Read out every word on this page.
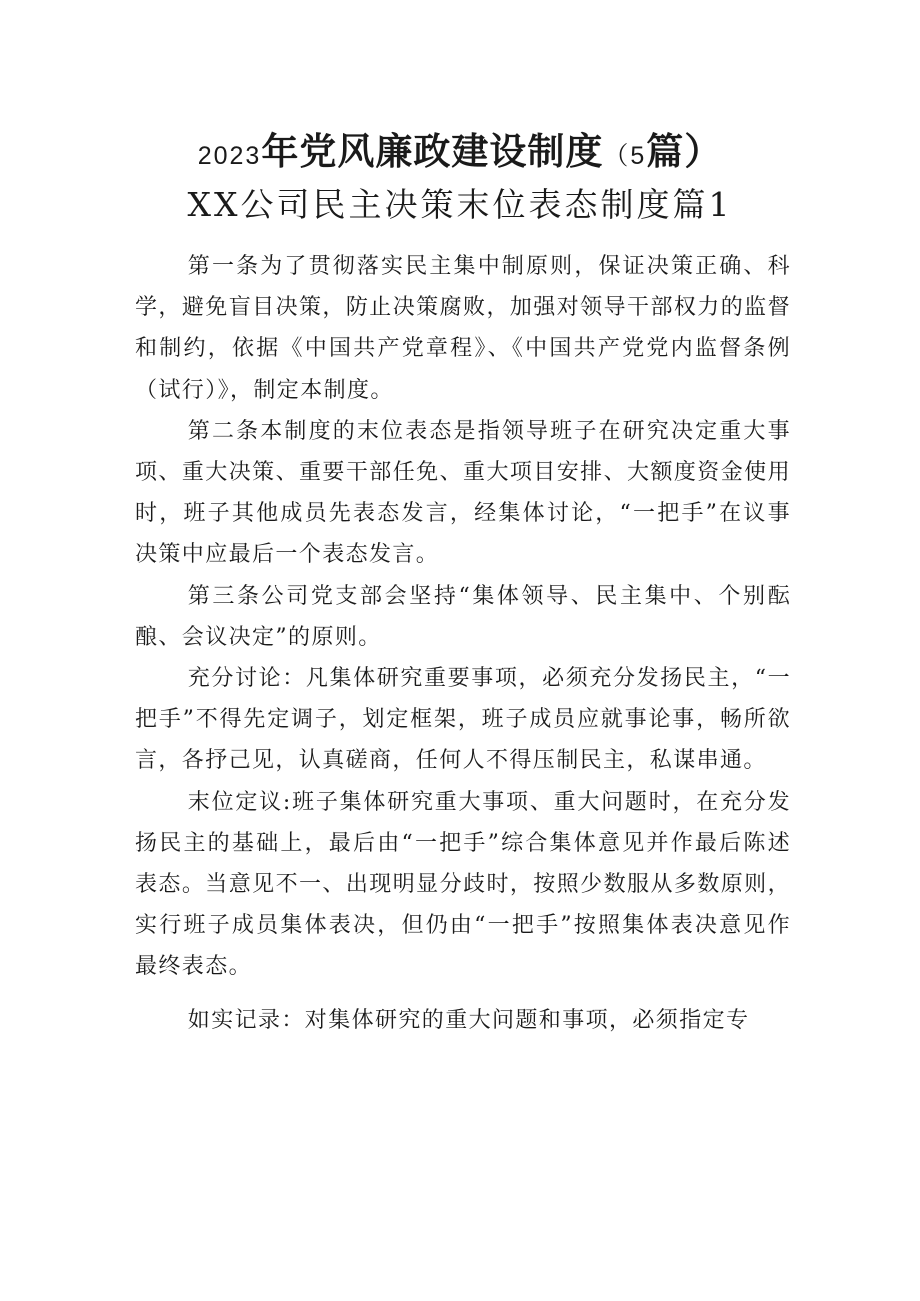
2023年党风廉政建设制度（5篇）
XX公司民主决策末位表态制度篇1

第一条为了贯彻落实民主集中制原则，保证决策正确、科学，避免盲目决策，防止决策腐败，加强对领导干部权力的监督和制约，依据《中国共产党章程》、《中国共产党党内监督条例（试行）》，制定本制度。

第二条本制度的末位表态是指领导班子在研究决定重大事项、重大决策、重要干部任免、重大项目安排、大额度资金使用时，班子其他成员先表态发言，经集体讨论，“一把手”在议事决策中应最后一个表态发言。

第三条公司党支部会坚持“集体领导、民主集中、个别酝酿、会议决定”的原则。

充分讨论：凡集体研究重要事项，必须充分发扬民主，“一把手”不得先定调子，划定框架，班子成员应就事论事，畅所欲言，各抒己见，认真磋商，任何人不得压制民主，私谋串通。

末位定议:班子集体研究重大事项、重大问题时，在充分发扬民主的基础上，最后由“一把手”综合集体意见并作最后陈述表态。当意见不一、出现明显分歧时，按照少数服从多数原则，实行班子成员集体表决，但仍由“一把手”按照集体表决意见作最终表态。

如实记录：对集体研究的重大问题和事项，必须指定专
